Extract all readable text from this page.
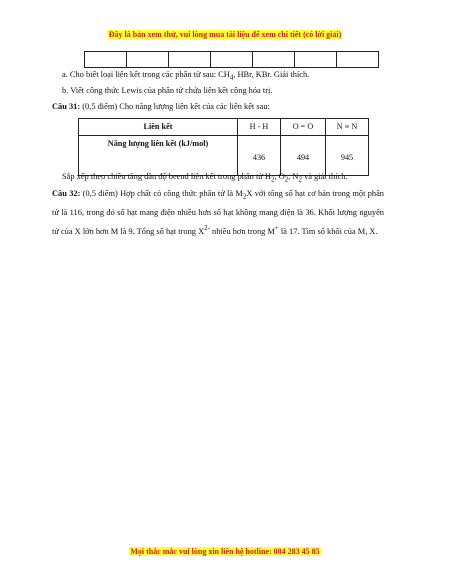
Đây là bản xem thử, vui lòng mua tài liệu để xem chi tiết (có lời giải)

a. Cho biết loại liên kết trong các phân tử sau: $CH_4$, HBr, KBr. Giải thích.
b. Viết công thức Lewis của phân tử chứa liên kết cộng hóa trị.
Câu 31: (0,5 điểm) Cho năng lượng liên kết của các liên kết sau:
Liên kết	H - H	O = O	N ≡ N
Năng lượng liên kết (kJ/mol)	436	494	945
Sắp xếp theo chiều tăng dần độ beend liên kết trong phân tử $H_2$, $O_2$, $N_2$ và giải thích.
Câu 32: (0,5 điểm) Hợp chất có công thức phân tử là $M_2X$ với tổng số hạt cơ bản trong một phân tử là 116, trong đó số hạt mang điện nhiều hơn số hạt không mang điện là 36. Khối lượng nguyên tử của X lớn hơn M là 9. Tổng số hạt trong $X^{2-}$ nhiều hơn trong M+ là 17. Tìm số khối của M, X.
Mọi thắc mắc vui lòng xin liên hệ hotline: 084 283 45 85
